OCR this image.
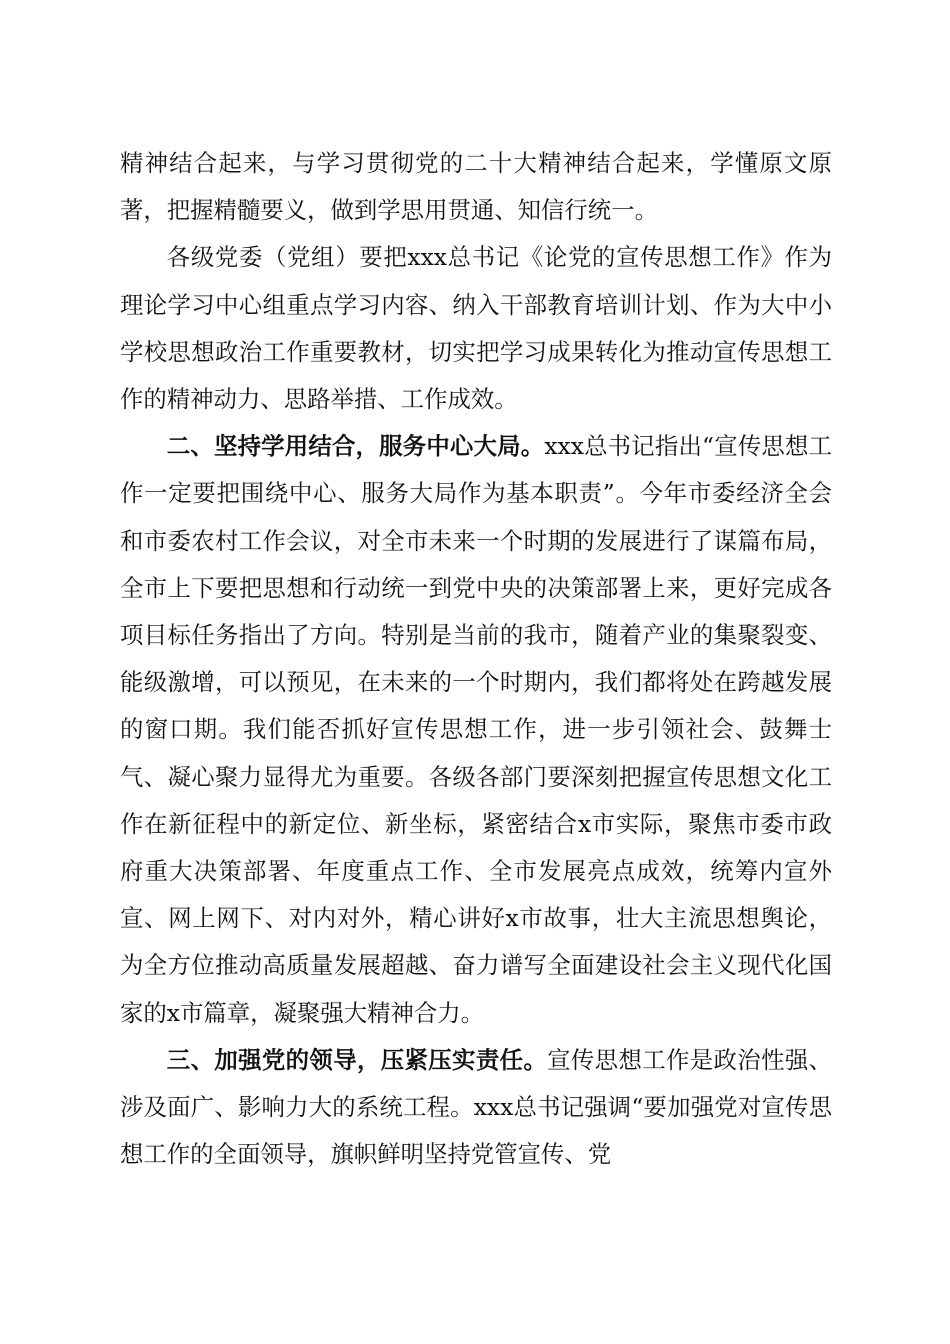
精神结合起来，与学习贯彻党的二十大精神结合起来，学懂原文原著，把握精髓要义，做到学思用贯通、知信行统一。

各级党委（党组）要把xxx总书记《论党的宣传思想工作》作为理论学习中心组重点学习内容、纳入干部教育培训计划、作为大中小学校思想政治工作重要教材，切实把学习成果转化为推动宣传思想工作的精神动力、思路举措、工作成效。

二、坚持学用结合，服务中心大局。xxx总书记指出“宣传思想工作一定要把围绕中心、服务大局作为基本职责”。今年市委经济全会和市委农村工作会议，对全市未来一个时期的发展进行了谋篇布局，全市上下要把思想和行动统一到党中央的决策部署上来，更好完成各项目标任务指出了方向。特别是当前的我市，随着产业的集聚裂变、能级激增，可以预见，在未来的一个时期内，我们都将处在跨越发展的窗口期。我们能否抓好宣传思想工作，进一步引领社会、鼓舞士气、凝心聚力显得尤为重要。各级各部门要深刻把握宣传思想文化工作在新征程中的新定位、新坐标，紧密结合x市实际，聚焦市委市政府重大决策部署、年度重点工作、全市发展亮点成效，统筹内宣外宣、网上网下、对内对外，精心讲好x市故事，壮大主流思想舆论，为全方位推动高质量发展超越、奋力谱写全面建设社会主义现代化国家的x市篇章，凝聚强大精神合力。

三、加强党的领导，压紧压实责任。宣传思想工作是政治性强、涉及面广、影响力大的系统工程。xxx总书记强调“要加强党对宣传思想工作的全面领导，旗帜鲜明坚持党管宣传、党
